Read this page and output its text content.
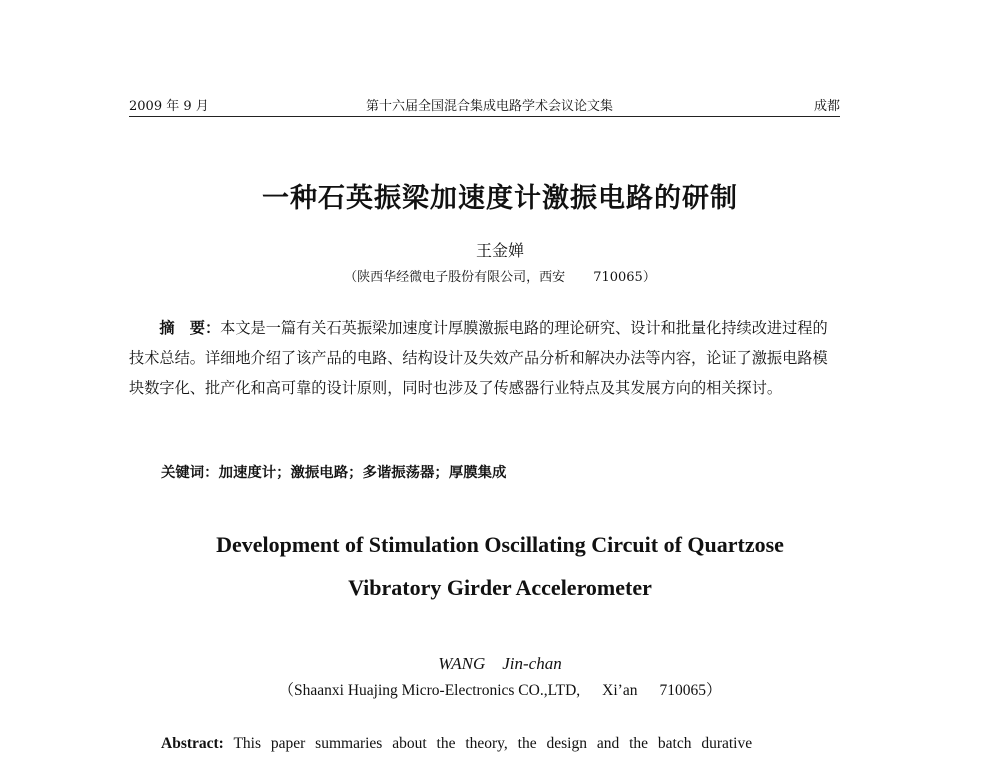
2009 年 9 月	第十六届全国混合集成电路学术会议论文集	成都
一种石英振梁加速度计激振电路的研制
王金婵
（陕西华经微电子股份有限公司，西安 710065）

摘　要：本文是一篇有关石英振梁加速度计厚膜激振电路的理论研究、设计和批量化持续改进过程的技术总结。详细地介绍了该产品的电路、结构设计及失效产品分析和解决办法等内容，论证了激振电路模块数字化、批产化和高可靠的设计原则，同时也涉及了传感器行业特点及其发展方向的相关探讨。

关键词：加速度计；激振电路；多谐振荡器；厚膜集成
Development of Stimulation Oscillating Circuit of Quartzose
Vibratory Girder Accelerometer
WANG　Jin-chan
（Shaanxi Huajing Micro-Electronics CO.,LTD, Xi’an 710065）
Abstract: This paper summaries about the theory, the design and the batch durative
